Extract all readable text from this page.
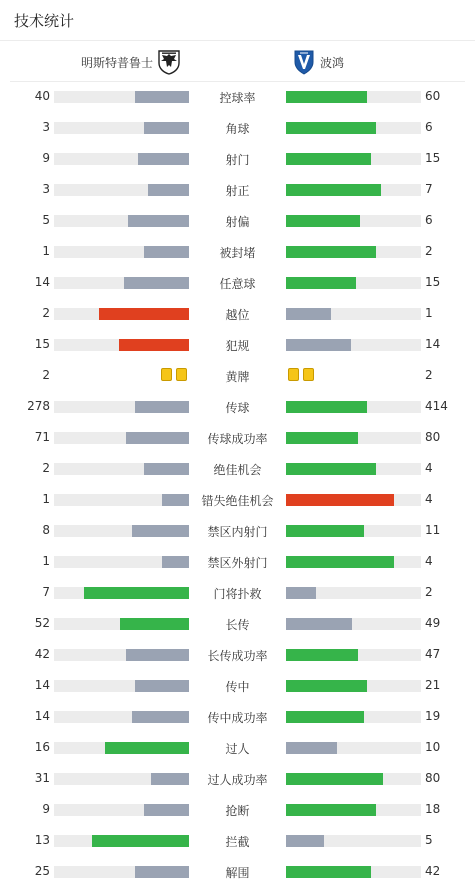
技术统计
明斯特普鲁士	波鸿
40	控球率	60
3	角球	6
9	射门	15
3	射正	7
5	射偏	6
1	被封堵	2
14	任意球	15
2	越位	1
15	犯规	14
2	黄牌	2
278	传球	414
71	传球成功率	80
2	绝佳机会	4
1	错失绝佳机会	4
8	禁区内射门	11
1	禁区外射门	4
7	门将扑救	2
52	长传	49
42	长传成功率	47
14	传中	21
14	传中成功率	19
16	过人	10
31	过人成功率	80
9	抢断	18
13	拦截	5
25	解围	42
